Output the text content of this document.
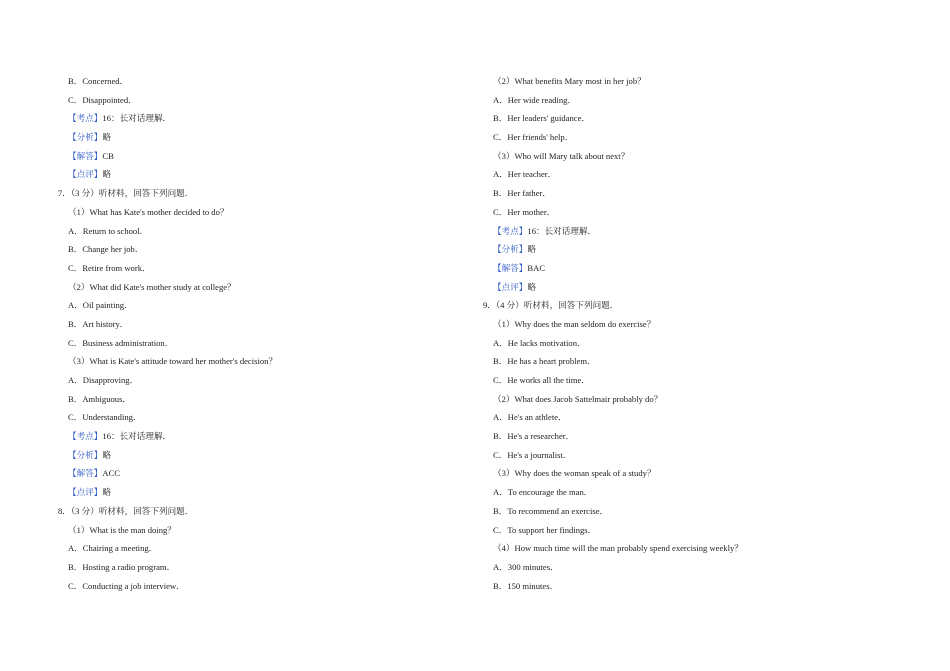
B．Concerned．
C．Disappointed．
【考点】16：长对话理解．
【分析】略
【解答】CB
【点评】略
7．（3 分）听材料，回答下列问题．
（1）What has Kate's mother decided to do？
A．Return to school．
B．Change her job．
C．Retire from work．
（2）What did Kate's mother study at college？
A．Oil painting．
B．Art history．
C．Business administration．
（3）What is Kate's attitude toward her mother's decision？
A．Disapproving．
B．Ambiguous．
C．Understanding．
【考点】16：长对话理解．
【分析】略
【解答】ACC
【点评】略
8．（3 分）听材料，回答下列问题．
（1）What is the man doing？
A．Chairing a meeting．
B．Hosting a radio program．
C．Conducting a job interview．
（2）What benefits Mary most in her job？
A．Her wide reading．
B．Her leaders' guidance．
C．Her friends' help．
（3）Who will Mary talk about next？
A．Her teacher．
B．Her father．
C．Her mother．
【考点】16：长对话理解．
【分析】略
【解答】BAC
【点评】略
9．（4 分）听材料，回答下列问题．
（1）Why does the man seldom do exercise？
A．He lacks motivation．
B．He has a heart problem．
C．He works all the time．
（2）What does Jacob Sattelmair probably do？
A．He's an athlete．
B．He's a researcher．
C．He's a journalist．
（3）Why does the woman speak of a study？
A．To encourage the man．
B．To recommend an exercise．
C．To support her findings．
（4）How much time will the man probably spend exercising weekly？
A．300 minutes．
B．150 minutes．
